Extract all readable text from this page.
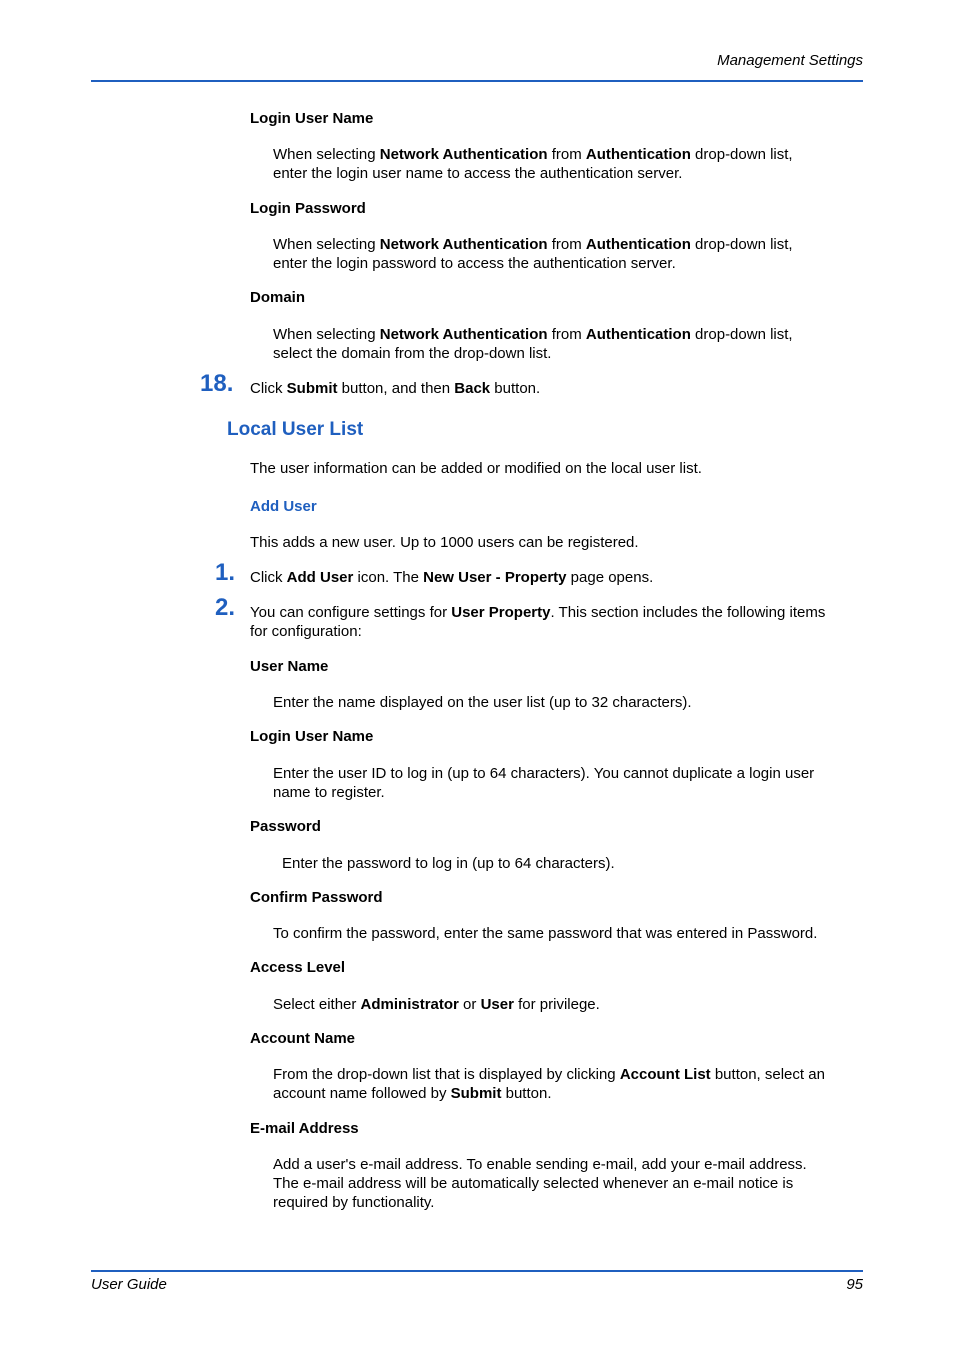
Management Settings
Login User Name
When selecting Network Authentication from Authentication drop-down list,
enter the login user name to access the authentication server.
Login Password
When selecting Network Authentication from Authentication drop-down list,
enter the login password to access the authentication server.
Domain
When selecting Network Authentication from Authentication drop-down list,
select the domain from the drop-down list.
18. Click Submit button, and then Back button.
Local User List
The user information can be added or modified on the local user list.
Add User
This adds a new user. Up to 1000 users can be registered.
1. Click Add User icon. The New User - Property page opens.
2. You can configure settings for User Property. This section includes the following items
for configuration:
User Name
Enter the name displayed on the user list (up to 32 characters).
Login User Name
Enter the user ID to log in (up to 64 characters). You cannot duplicate a login user
name to register.
Password
Enter the password to log in (up to 64 characters).
Confirm Password
To confirm the password, enter the same password that was entered in Password.
Access Level
Select either Administrator or User for privilege.
Account Name
From the drop-down list that is displayed by clicking Account List button, select an
account name followed by Submit button.
E-mail Address
Add a user's e-mail address. To enable sending e-mail, add your e-mail address.
The e-mail address will be automatically selected whenever an e-mail notice is
required by functionality.
User Guide	95
